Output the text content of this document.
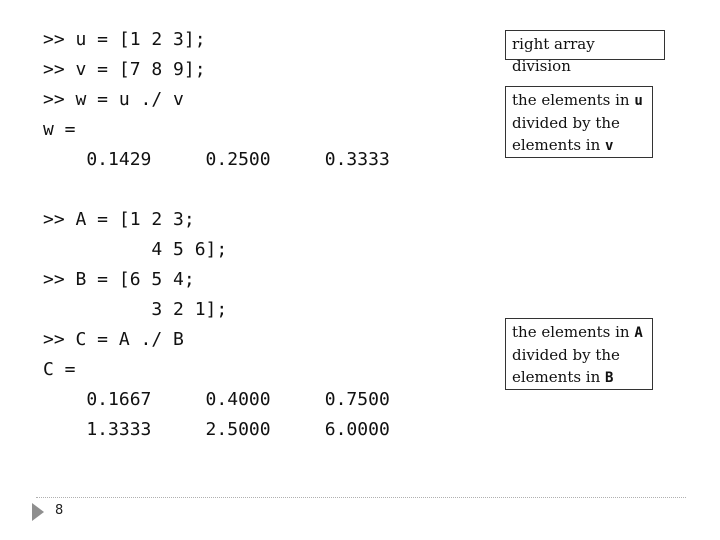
>> u = [1 2 3];
>> v = [7 8 9];
>> w = u ./ v
w =
0.1429     0.2500     0.3333
>> A = [1 2 3;
4 5 6];
>> B = [6 5 4;
3 2 1];
>> C = A ./ B
C =
0.1667     0.4000     0.7500
1.3333     2.5000     6.0000
right array division
the elements in u
divided by the
elements in v
the elements in A
divided by the
elements in B
8
